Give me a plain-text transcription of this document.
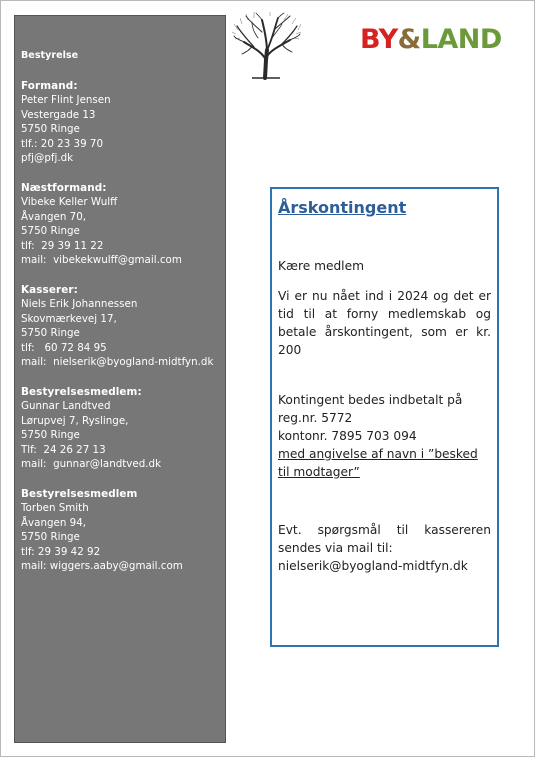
Bestyrelse
Formand:
Peter Flint Jensen
Vestergade 13
5750 Ringe
tlf.: 20 23 39 70
pfj@pfj.dk
Næstformand:
Vibeke Keller Wulff
Åvangen 70,
5750 Ringe
tlf:  29 39 11 22
mail:  vibekekwulff@gmail.com
Kasserer:
Niels Erik Johannessen
Skovmærkevej 17,
5750 Ringe
tlf:   60 72 84 95
mail:  nielserik@byogland-midtfyn.dk
Bestyrelsesmedlem:
Gunnar Landtved
Lørupvej 7, Ryslinge,
5750 Ringe
Tlf:  24 26 27 13
mail:  gunnar@landtved.dk
Bestyrelsesmedlem
Torben Smith
Åvangen 94,
5750 Ringe
tlf: 29 39 42 92
mail: wiggers.aaby@gmail.com
BY&LAND
Årskontingent

Kære medlem

Vi er nu nået ind i 2024 og det er tid til at forny medlemskab og betale årskontingent, som er kr. 200

Kontingent bedes indbetalt på

reg.nr. 5772

kontonr. 7895 703 094

med angivelse af navn i ”besked til modtager”

Evt. spørgsmål til kassereren sendes via mail til:

nielserik@byogland-midtfyn.dk
